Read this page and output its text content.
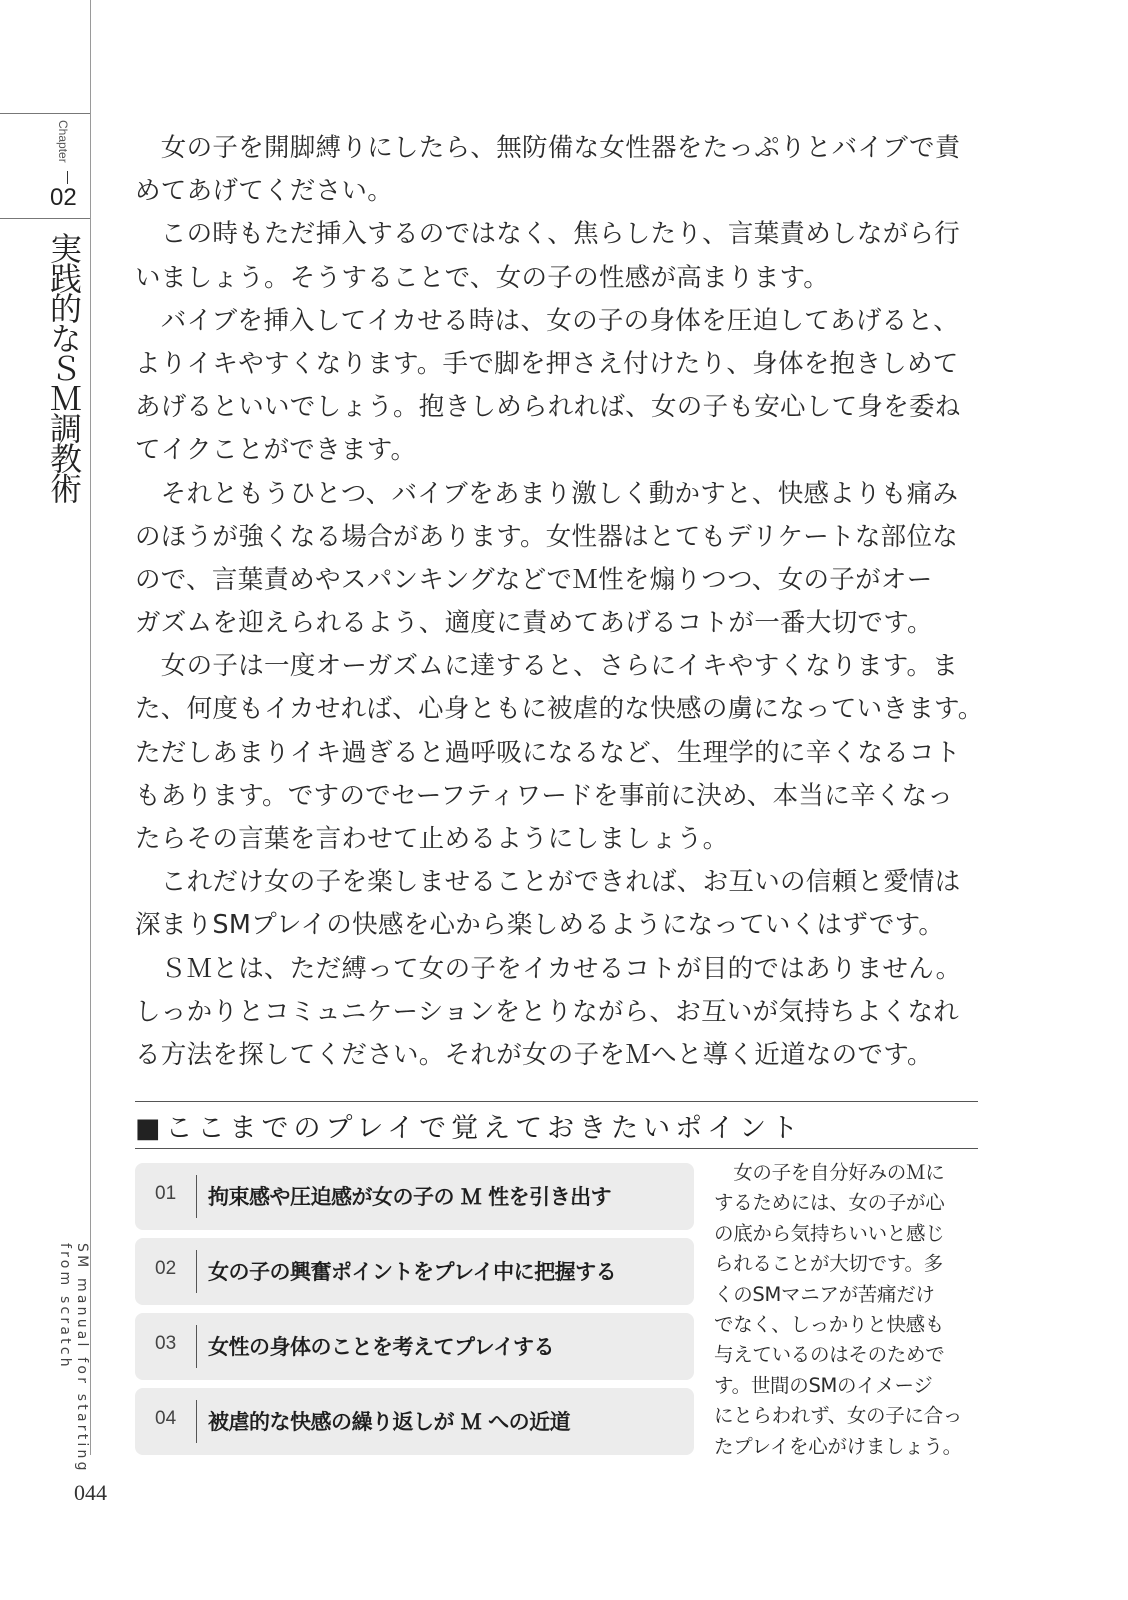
Chapter
02
実践的なＳＭ調教術
SM manual for starting
from scratch
044
　女の子を開脚縛りにしたら、無防備な女性器をたっぷりとバイブで責
めてあげてください。
　この時もただ挿入するのではなく、焦らしたり、言葉責めしながら行
いましょう。そうすることで、女の子の性感が高まります。
　バイブを挿入してイカせる時は、女の子の身体を圧迫してあげると、
よりイキやすくなります。手で脚を押さえ付けたり、身体を抱きしめて
あげるといいでしょう。抱きしめられれば、女の子も安心して身を委ね
てイクことができます。
　それともうひとつ、バイブをあまり激しく動かすと、快感よりも痛み
のほうが強くなる場合があります。女性器はとてもデリケートな部位な
ので、言葉責めやスパンキングなどでＭ性を煽りつつ、女の子がオー
ガズムを迎えられるよう、適度に責めてあげるコトが一番大切です。
　女の子は一度オーガズムに達すると、さらにイキやすくなります。ま
た、何度もイカせれば、心身ともに被虐的な快感の虜になっていきます。
ただしあまりイキ過ぎると過呼吸になるなど、生理学的に辛くなるコト
もあります。ですのでセーフティワードを事前に決め、本当に辛くなっ
たらその言葉を言わせて止めるようにしましょう。
　これだけ女の子を楽しませることができれば、お互いの信頼と愛情は
深まりSMプレイの快感を心から楽しめるようになっていくはずです。
　ＳＭとは、ただ縛って女の子をイカせるコトが目的ではありません。
しっかりとコミュニケーションをとりながら、お互いが気持ちよくなれ
る方法を探してください。それが女の子をＭへと導く近道なのです。
■ここまでのプレイで覚えておきたいポイント
01 拘束感や圧迫感が女の子の Ｍ 性を引き出す
02 女の子の興奮ポイントをプレイ中に把握する
03 女性の身体のことを考えてプレイする
04 被虐的な快感の繰り返しが Ｍ への近道
　女の子を自分好みのＭに
するためには、女の子が心
の底から気持ちいいと感じ
られることが大切です。多
くのSMマニアが苦痛だけ
でなく、しっかりと快感も
与えているのはそのためで
す。世間のSMのイメージ
にとらわれず、女の子に合っ
たプレイを心がけましょう。
